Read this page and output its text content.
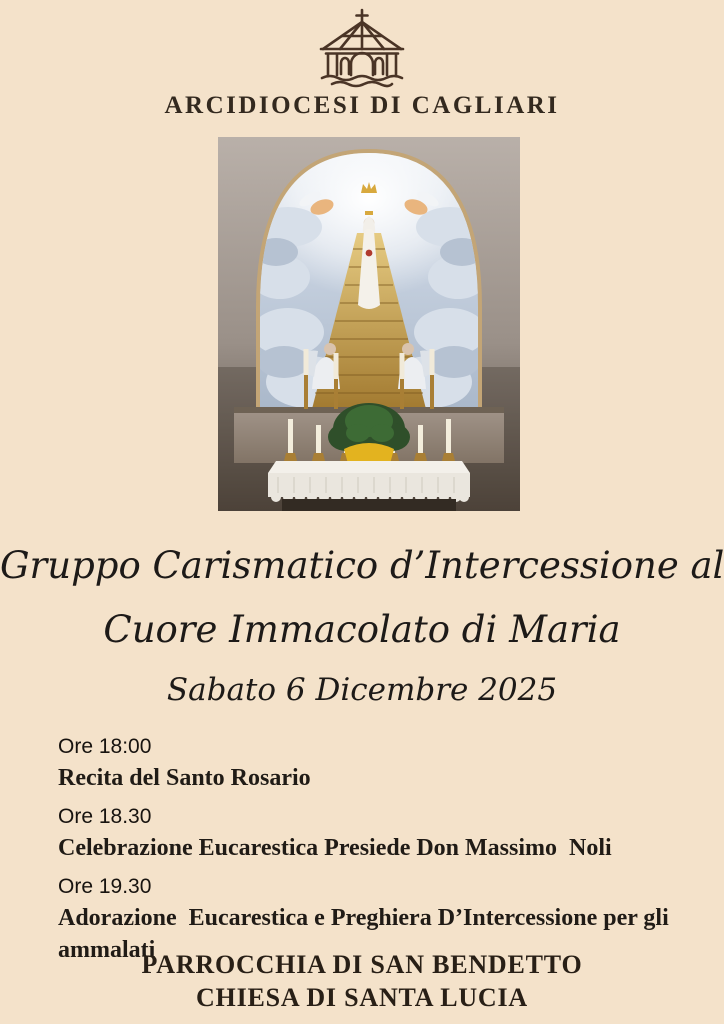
ARCIDIOCESI DI CAGLIARI
Gruppo Carismatico d’Intercessione al
Cuore Immacolato di Maria
Sabato 6 Dicembre 2025
Ore 18:00
Recita del Santo Rosario
Ore 18.30
Celebrazione Eucarestica Presiede Don Massimo  Noli
Ore 19.30
Adorazione  Eucarestica e Preghiera D’Intercessione per gli ammalati
PARROCCHIA DI SAN BENDETTO
CHIESA DI SANTA LUCIA
